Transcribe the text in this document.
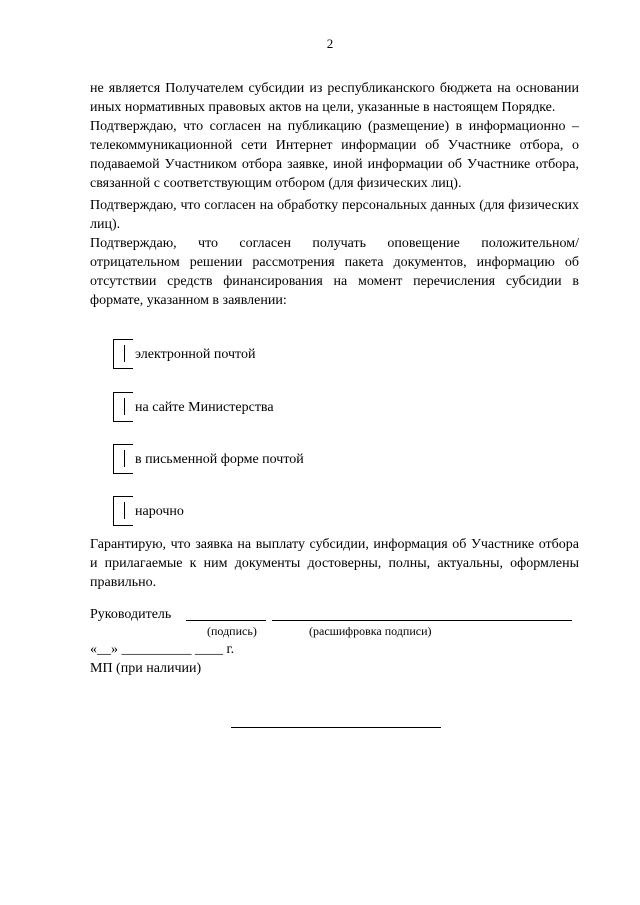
2

не является Получателем субсидии из республиканского бюджета на основании иных нормативных правовых актов на цели, указанные в настоящем Порядке.

Подтверждаю, что согласен на публикацию (размещение) в информационно – телекоммуникационной сети Интернет информации об Участнике отбора, о подаваемой Участником отбора заявке, иной информации об Участнике отбора, связанной с соответствующим отбором (для физических лиц).

Подтверждаю, что согласен на обработку персональных данных (для физических лиц).

Подтверждаю, что согласен получать оповещение положительном/отрицательном решении рассмотрения пакета документов, информацию об отсутствии средств финансирования на момент перечисления субсидии в формате, указанном в заявлении:

электронной почтой
на сайте Министерства
в письменной форме почтой
нарочно

Гарантирую, что заявка на выплату субсидии, информация об Участнике отбора и прилагаемые к ним документы достоверны, полны, актуальны, оформлены правильно.

Руководитель
(подпись)	(расшифровка подписи)
«__» __________ ____ г.
МП (при наличии)
